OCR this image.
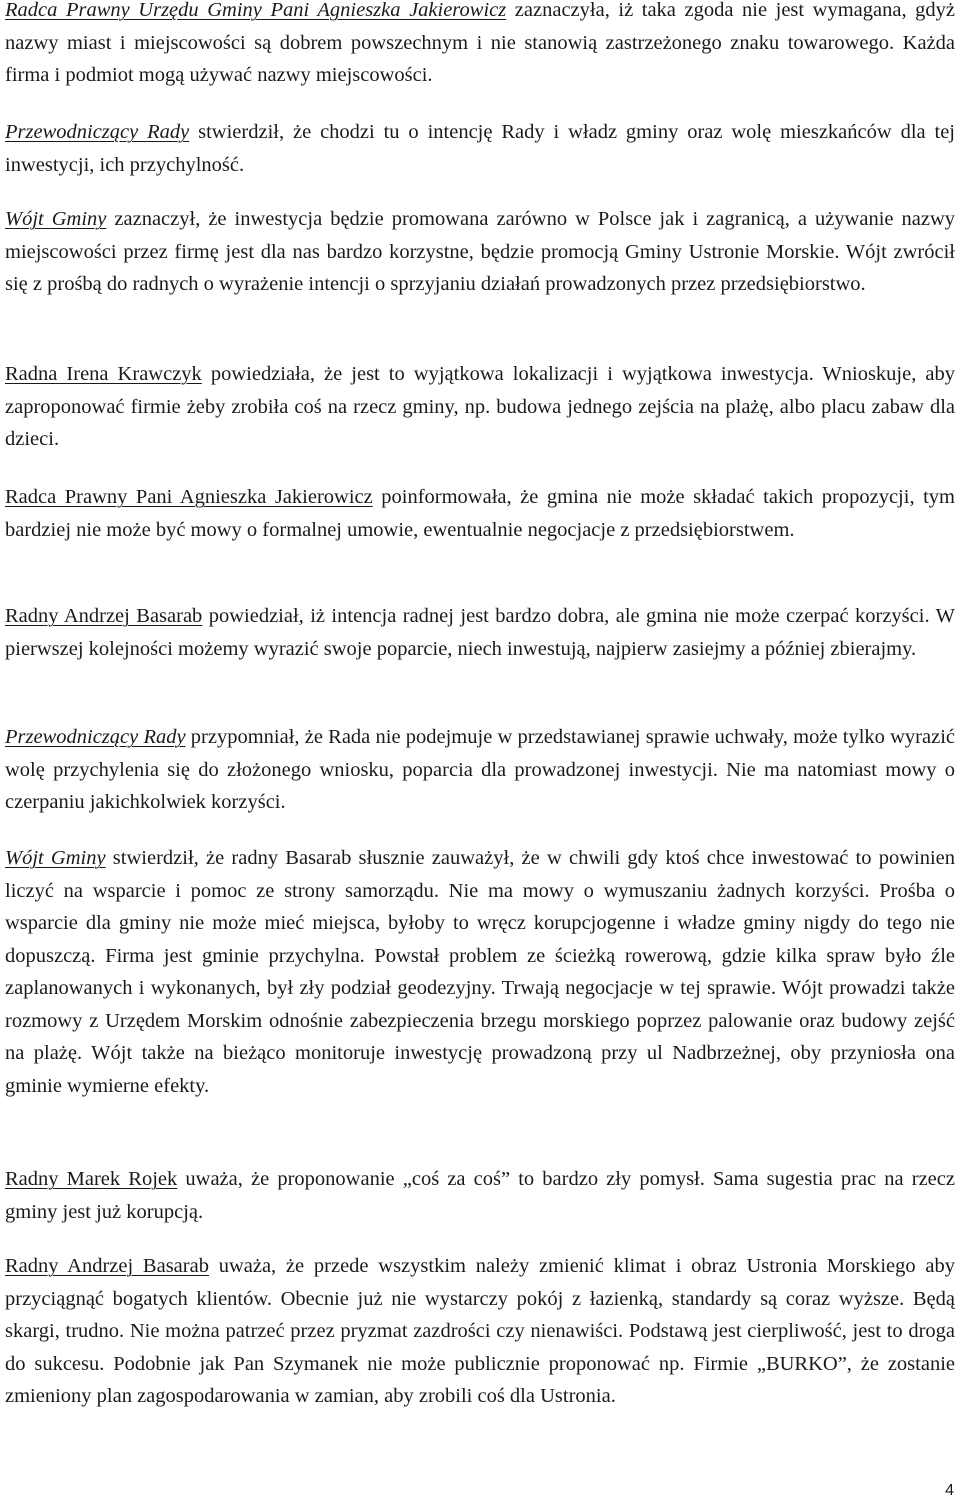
Radca Prawny Urzędu Gminy Pani Agnieszka Jakierowicz zaznaczyła, iż taka zgoda nie jest wymagana, gdyż nazwy miast i miejscowości są dobrem powszechnym i nie stanowią zastrzeżonego znaku towarowego. Każda firma i podmiot mogą używać nazwy miejscowości.

Przewodniczący Rady stwierdził, że chodzi tu o intencję Rady i władz gminy oraz wolę mieszkańców dla tej inwestycji, ich przychylność.

Wójt Gminy zaznaczył, że inwestycja będzie promowana zarówno w Polsce jak i zagranicą, a używanie nazwy miejscowości przez firmę jest dla nas bardzo korzystne, będzie promocją Gminy Ustronie Morskie. Wójt zwrócił się z prośbą do radnych o wyrażenie intencji o sprzyjaniu działań prowadzonych przez przedsiębiorstwo.

Radna Irena Krawczyk powiedziała, że jest to wyjątkowa lokalizacji i wyjątkowa inwestycja. Wnioskuje, aby zaproponować firmie żeby zrobiła coś na rzecz gminy, np. budowa jednego zejścia na plażę, albo placu zabaw dla dzieci.

Radca Prawny Pani Agnieszka Jakierowicz poinformowała, że gmina nie może składać takich propozycji, tym bardziej nie może być mowy o formalnej umowie, ewentualnie negocjacje z przedsiębiorstwem.

Radny Andrzej Basarab powiedział, iż intencja radnej jest bardzo dobra, ale gmina nie może czerpać korzyści. W pierwszej kolejności możemy wyrazić swoje poparcie, niech inwestują, najpierw zasiejmy a później zbierajmy.

Przewodniczący Rady przypomniał, że Rada nie podejmuje w przedstawianej sprawie uchwały, może tylko wyrazić wolę przychylenia się do złożonego wniosku, poparcia dla prowadzonej inwestycji. Nie ma natomiast mowy o czerpaniu jakichkolwiek korzyści.

Wójt Gminy stwierdził, że radny Basarab słusznie zauważył, że w chwili gdy ktoś chce inwestować to powinien liczyć na wsparcie i pomoc ze strony samorządu. Nie ma mowy o wymuszaniu żadnych korzyści. Prośba o wsparcie dla gminy nie może mieć miejsca, byłoby to wręcz korupcjogenne i władze gminy nigdy do tego nie dopuszczą. Firma jest gminie przychylna. Powstał problem ze ścieżką rowerową, gdzie kilka spraw było źle zaplanowanych i wykonanych, był zły podział geodezyjny. Trwają negocjacje w tej sprawie. Wójt prowadzi także rozmowy z Urzędem Morskim odnośnie zabezpieczenia brzegu morskiego poprzez palowanie oraz budowy zejść na plażę. Wójt także na bieżąco monitoruje inwestycję prowadzoną przy ul Nadbrzeżnej, oby przyniosła ona gminie wymierne efekty.

Radny Marek Rojek uważa, że proponowanie „coś za coś” to bardzo zły pomysł. Sama sugestia prac na rzecz gminy jest już korupcją.

Radny Andrzej Basarab uważa, że przede wszystkim należy zmienić klimat i obraz Ustronia Morskiego aby przyciągnąć bogatych klientów. Obecnie już nie wystarczy pokój z łazienką, standardy są coraz wyższe. Będą skargi, trudno. Nie można patrzeć przez pryzmat zazdrości czy nienawiści. Podstawą jest cierpliwość, jest to droga do sukcesu. Podobnie jak Pan Szymanek nie może publicznie proponować np. Firmie „BURKO”, że zostanie zmieniony plan zagospodarowania w zamian, aby zrobili coś dla Ustronia.

4
